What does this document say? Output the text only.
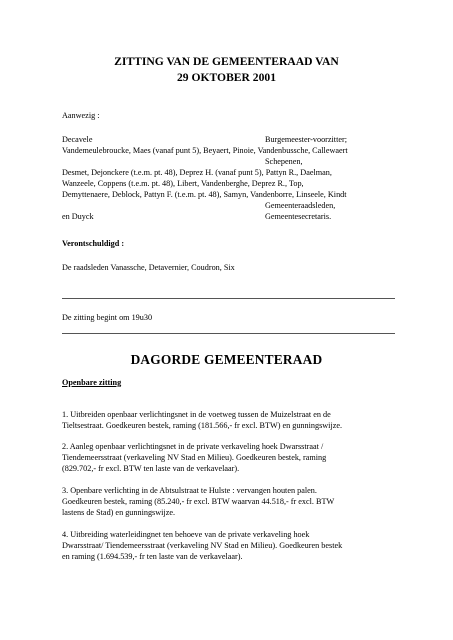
ZITTING VAN DE GEMEENTERAAD VAN
29 OKTOBER 2001
Aanwezig :
Decavele	Burgemeester-voorzitter;
Vandemeulebroucke, Maes (vanaf punt 5), Beyaert, Pinoie, Vandenbussche, Callewaert
Schepenen,
Desmet, Dejonckere (t.e.m. pt. 48), Deprez H. (vanaf punt 5), Pattyn R., Daelman,
Wanzeele, Coppens (t.e.m. pt. 48), Libert, Vandenberghe, Deprez R., Top,
Demyttenaere, Deblock, Pattyn F. (t.e.m. pt. 48), Samyn, Vandenborre, Linseele, Kindt
Gemeenteraadsleden,
en Duyck	Gemeentesecretaris.
Verontschuldigd :
De raadsleden Vanassche, Detavernier, Coudron, Six
De zitting begint om 19u30
DAGORDE GEMEENTERAAD
Openbare zitting
1. Uitbreiden openbaar verlichtingsnet in de voetweg tussen de Muizelstraat en de
Tieltsestraat. Goedkeuren bestek, raming (181.566,- fr excl. BTW) en gunningswijze.
2. Aanleg openbaar verlichtingsnet in de private verkaveling hoek Dwarsstraat /
Tiendemeersstraat (verkaveling NV Stad en Milieu). Goedkeuren bestek, raming
(829.702,- fr excl. BTW ten laste van de verkavelaar).
3. Openbare verlichting in de Abtsulstraat te Hulste : vervangen houten palen.
Goedkeuren bestek, raming (85.240,- fr excl. BTW waarvan 44.518,- fr excl. BTW
lastens de Stad) en gunningswijze.
4. Uitbreiding waterleidingnet ten behoeve van de private verkaveling hoek
Dwarsstraat/ Tiendemeersstraat (verkaveling NV Stad en Milieu). Goedkeuren bestek
en raming (1.694.539,- fr ten laste van de verkavelaar).
